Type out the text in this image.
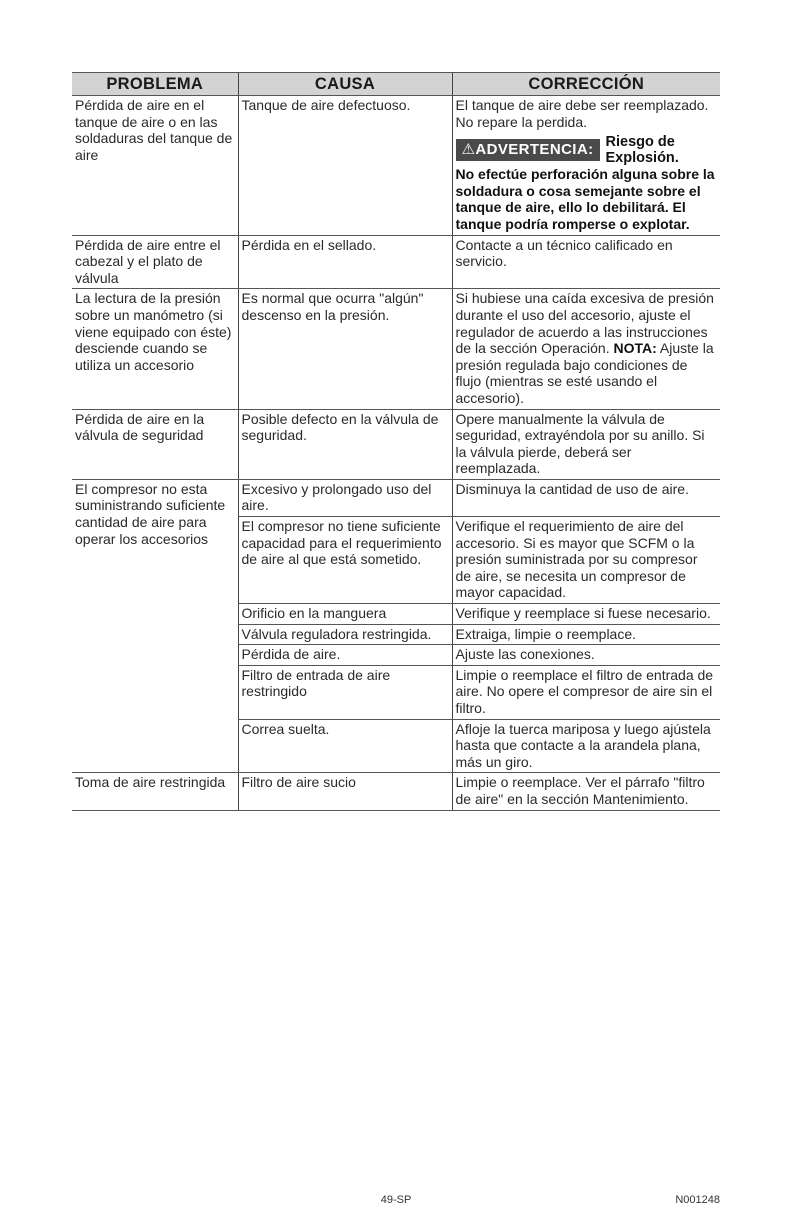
PROBLEMA	CAUSA	CORRECCIÓN
Pérdida de aire en el tanque de aire o en las soldaduras del tanque de aire	Tanque de aire defectuoso.	El tanque de aire debe ser reemplazado. No repare la perdida.
⚠ADVERTENCIA: Riesgo de Explosión.
No efectúe perforación alguna sobre la soldadura o cosa semejante sobre el tanque de aire, ello lo debilitará. El tanque podría romperse o explotar.

Pérdida de aire entre el cabezal y el plato de válvula	Pérdida en el sellado.	Contacte a un técnico calificado en servicio.
La lectura de la presión sobre un manómetro (si viene equipado con éste) desciende cuando se utiliza un accesorio	Es normal que ocurra "algún" descenso en la presión.	Si hubiese una caída excesiva de presión durante el uso del accesorio, ajuste el regulador de acuerdo a las instrucciones de la sección Operación. NOTA: Ajuste la presión regulada bajo condiciones de flujo (mientras se esté usando el accesorio).
Pérdida de aire en la válvula de seguridad	Posible defecto en la válvula de seguridad.	Opere manualmente la válvula de seguridad, extrayéndola por su anillo. Si la válvula pierde, deberá ser reemplazada.
El compresor no esta suministrando suficiente cantidad de aire para operar los accesorios	Excesivo y prolongado uso del aire.	Disminuya la cantidad de uso de aire.
	El compresor no tiene suficiente capacidad para el requerimiento de aire al que está sometido.	Verifique el requerimiento de aire del accesorio. Si es mayor que SCFM o la presión suministrada por su compresor de aire, se necesita un compresor de mayor capacidad.
	Orificio en la manguera	Verifique y reemplace si fuese necesario.
	Válvula reguladora restringida.	Extraiga, limpie o reemplace.
	Pérdida de aire.	Ajuste las conexiones.
	Filtro de entrada de aire restringido	Limpie o reemplace el filtro de entrada de aire. No opere el compresor de aire sin el filtro.
	Correa suelta.	Afloje la tuerca mariposa y luego ajústela hasta que contacte a la arandela plana, más un giro.
Toma de aire restringida	Filtro de aire sucio	Limpie o reemplace. Ver el párrafo "filtro de aire" en la sección Mantenimiento.
49-SP	N001248
